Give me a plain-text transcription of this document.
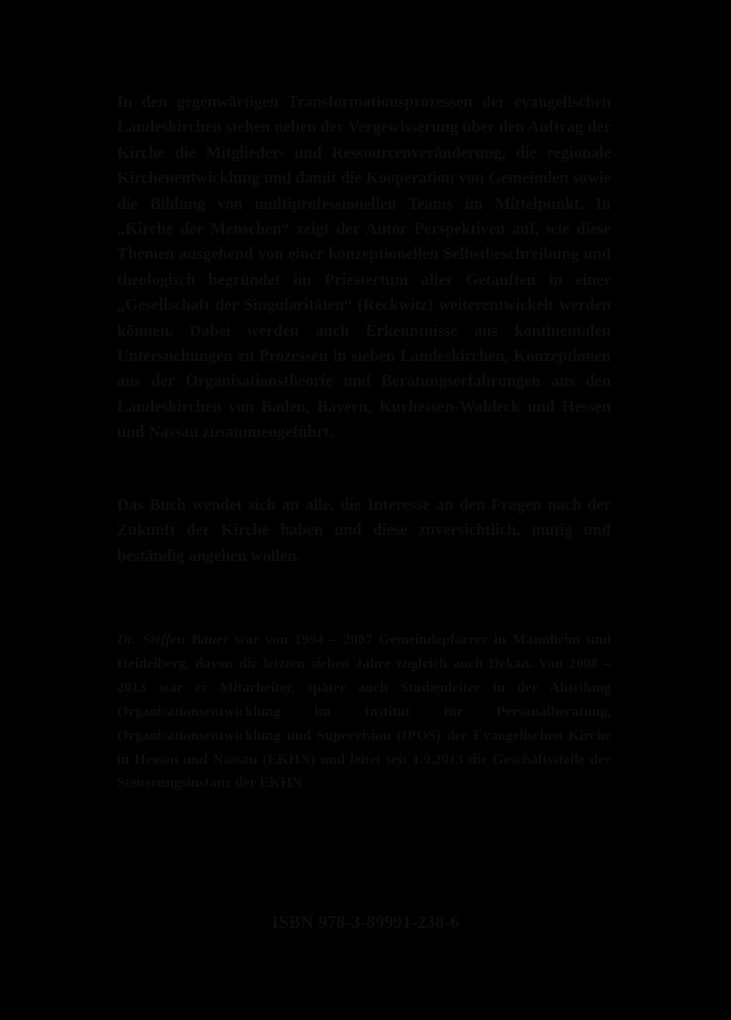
In den gegenwärtigen Transformationsprozessen der evangelischen Landeskirchen stehen neben der Vergewisserung über den Auftrag der Kirche die Mitglieder- und Ressourcenveränderung, die regionale Kirchenentwicklung und damit die Kooperation von Gemeinden sowie die Bildung von multiprofessionellen Teams im Mittelpunkt. In „Kirche der Menschen“ zeigt der Autor Perspektiven auf, wie diese Themen ausgehend von einer konzeptionellen Selbstbeschreibung und theologisch begründet im Priestertum aller Getauften in einer „Gesellschaft der Singularitäten“ (Reckwitz) weiterentwickelt werden können. Dabei werden auch Erkenntnisse aus kontinentalen Untersuchungen zu Prozessen in sieben Landeskirchen, Konzeptionen aus der Organisationstheorie und Beratungserfahrungen aus den Landeskirchen von Baden, Bayern, Kurhessen-Waldeck und Hessen und Nassau zusammengeführt.

Das Buch wendet sich an alle, die Interesse an den Fragen nach der Zukunft der Kirche haben und diese zuversichtlich, mutig und beständig angehen wollen.

Dr. Steffen Bauer war von 1994 – 2007 Gemeindepfarrer in Mannheim und Heidelberg, davon die letzten sieben Jahre zugleich auch Dekan. Von 2008 – 2013 war er Mitarbeiter, später auch Studienleiter in der Abteilung Organisationsentwicklung im Institut für Personalberatung, Organisationsentwicklung und Supervision (IPOS) der Evangelischen Kirche in Hessen und Nassau (EKHN) und leitet seit 1.9.2013 die Geschäftsstelle der Steuerungsinstanz der EKHN.

ISBN 978-3-89991-238-6
